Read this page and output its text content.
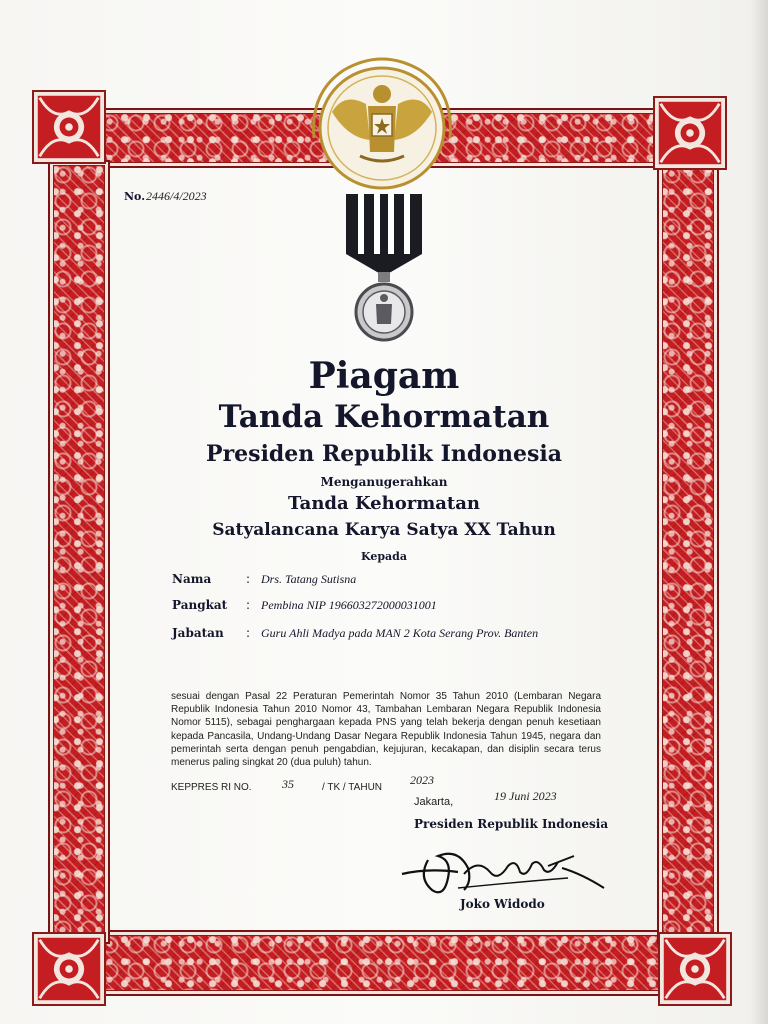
No. 2446/4/2023
Piagam
Tanda Kehormatan
Presiden Republik Indonesia
Menganugerahkan
Tanda Kehormatan
Satyalancana Karya Satya XX Tahun
Kepada
Nama	: Drs. Tatang Sutisna
Pangkat : Pembina NIP 196603272000031001
Jabatan : Guru Ahli Madya pada MAN 2 Kota Serang Prov. Banten
sesuai dengan Pasal 22 Peraturan Pemerintah Nomor 35 Tahun 2010 (Lembaran Negara Republik Indonesia Tahun 2010 Nomor 43, Tambahan Lembaran Negara Republik Indonesia Nomor 5115), sebagai penghargaan kepada PNS yang telah bekerja dengan penuh kesetiaan kepada Pancasila, Undang-Undang Dasar Negara Republik Indonesia Tahun 1945, negara dan pemerintah serta dengan penuh pengabdian, kejujuran, kecakapan, dan disiplin secara terus menerus paling singkat 20 (dua puluh) tahun.
KEPPRES RI NO.	35	/ TK / TAHUN
2023
Jakarta,	19 Juni 2023
Presiden Republik Indonesia
Joko Widodo
